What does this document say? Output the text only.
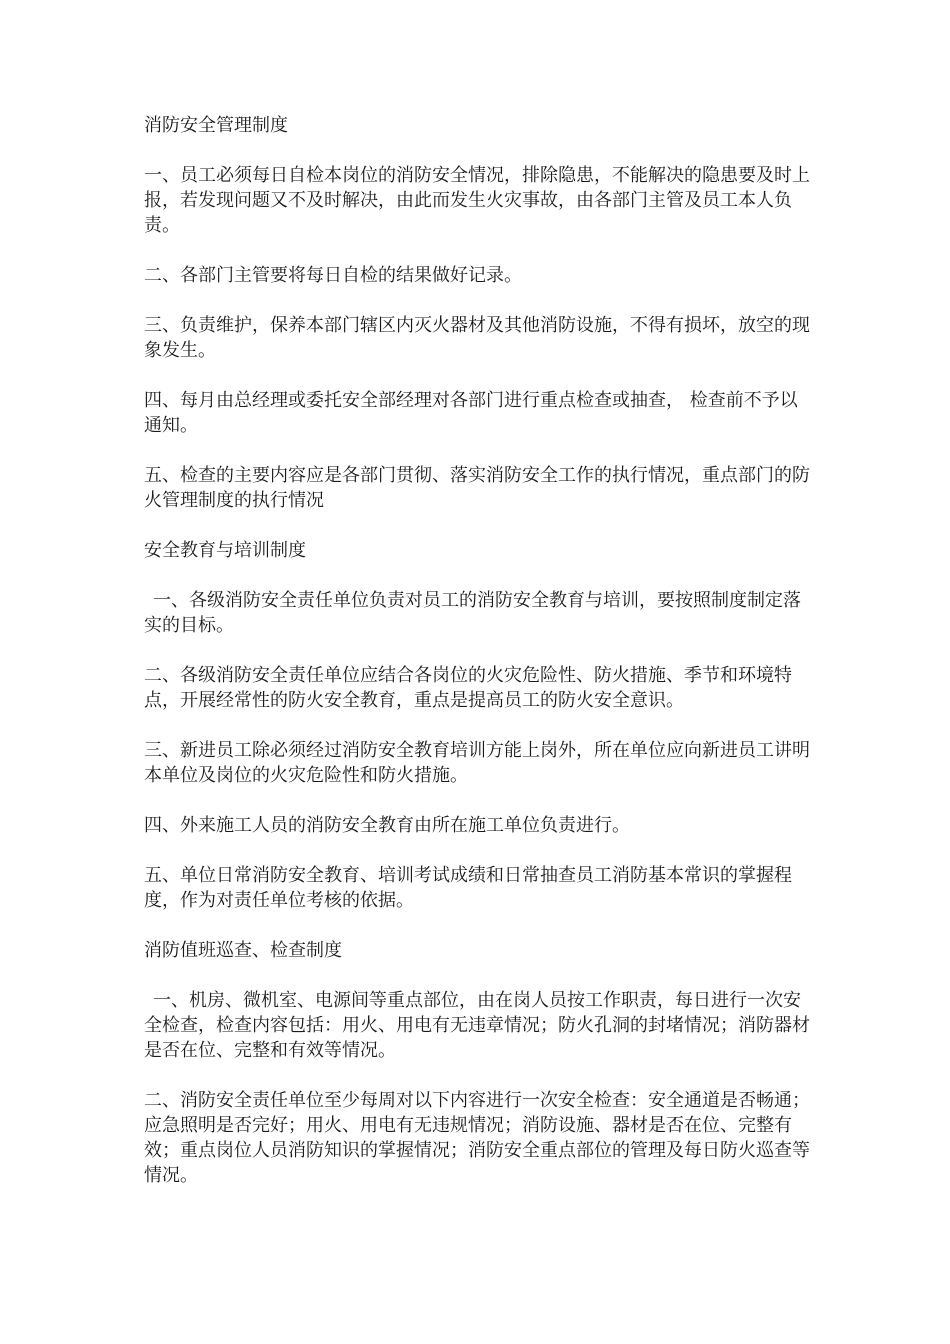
消防安全管理制度

一、员工必须每日自检本岗位的消防安全情况，排除隐患，不能解决的隐患要及时上报，若发现问题又不及时解决，由此而发生火灾事故，由各部门主管及员工本人负责。

二、各部门主管要将每日自检的结果做好记录。

三、负责维护，保养本部门辖区内灭火器材及其他消防设施，不得有损坏，放空的现象发生。

四、每月由总经理或委托安全部经理对各部门进行重点检查或抽查， 检查前不予以通知。

五、检查的主要内容应是各部门贯彻、落实消防安全工作的执行情况，重点部门的防火管理制度的执行情况

安全教育与培训制度

一、各级消防安全责任单位负责对员工的消防安全教育与培训，要按照制度制定落实的目标。

二、各级消防安全责任单位应结合各岗位的火灾危险性、防火措施、季节和环境特点，开展经常性的防火安全教育，重点是提高员工的防火安全意识。

三、新进员工除必须经过消防安全教育培训方能上岗外，所在单位应向新进员工讲明本单位及岗位的火灾危险性和防火措施。

四、外来施工人员的消防安全教育由所在施工单位负责进行。

五、单位日常消防安全教育、培训考试成绩和日常抽查员工消防基本常识的掌握程度，作为对责任单位考核的依据。

消防值班巡查、检查制度

一、机房、微机室、电源间等重点部位，由在岗人员按工作职责，每日进行一次安全检查，检查内容包括：用火、用电有无违章情况；防火孔洞的封堵情况；消防器材是否在位、完整和有效等情况。

二、消防安全责任单位至少每周对以下内容进行一次安全检查：安全通道是否畅通；应急照明是否完好；用火、用电有无违规情况；消防设施、器材是否在位、完整有效；重点岗位人员消防知识的掌握情况；消防安全重点部位的管理及每日防火巡查等情况。
